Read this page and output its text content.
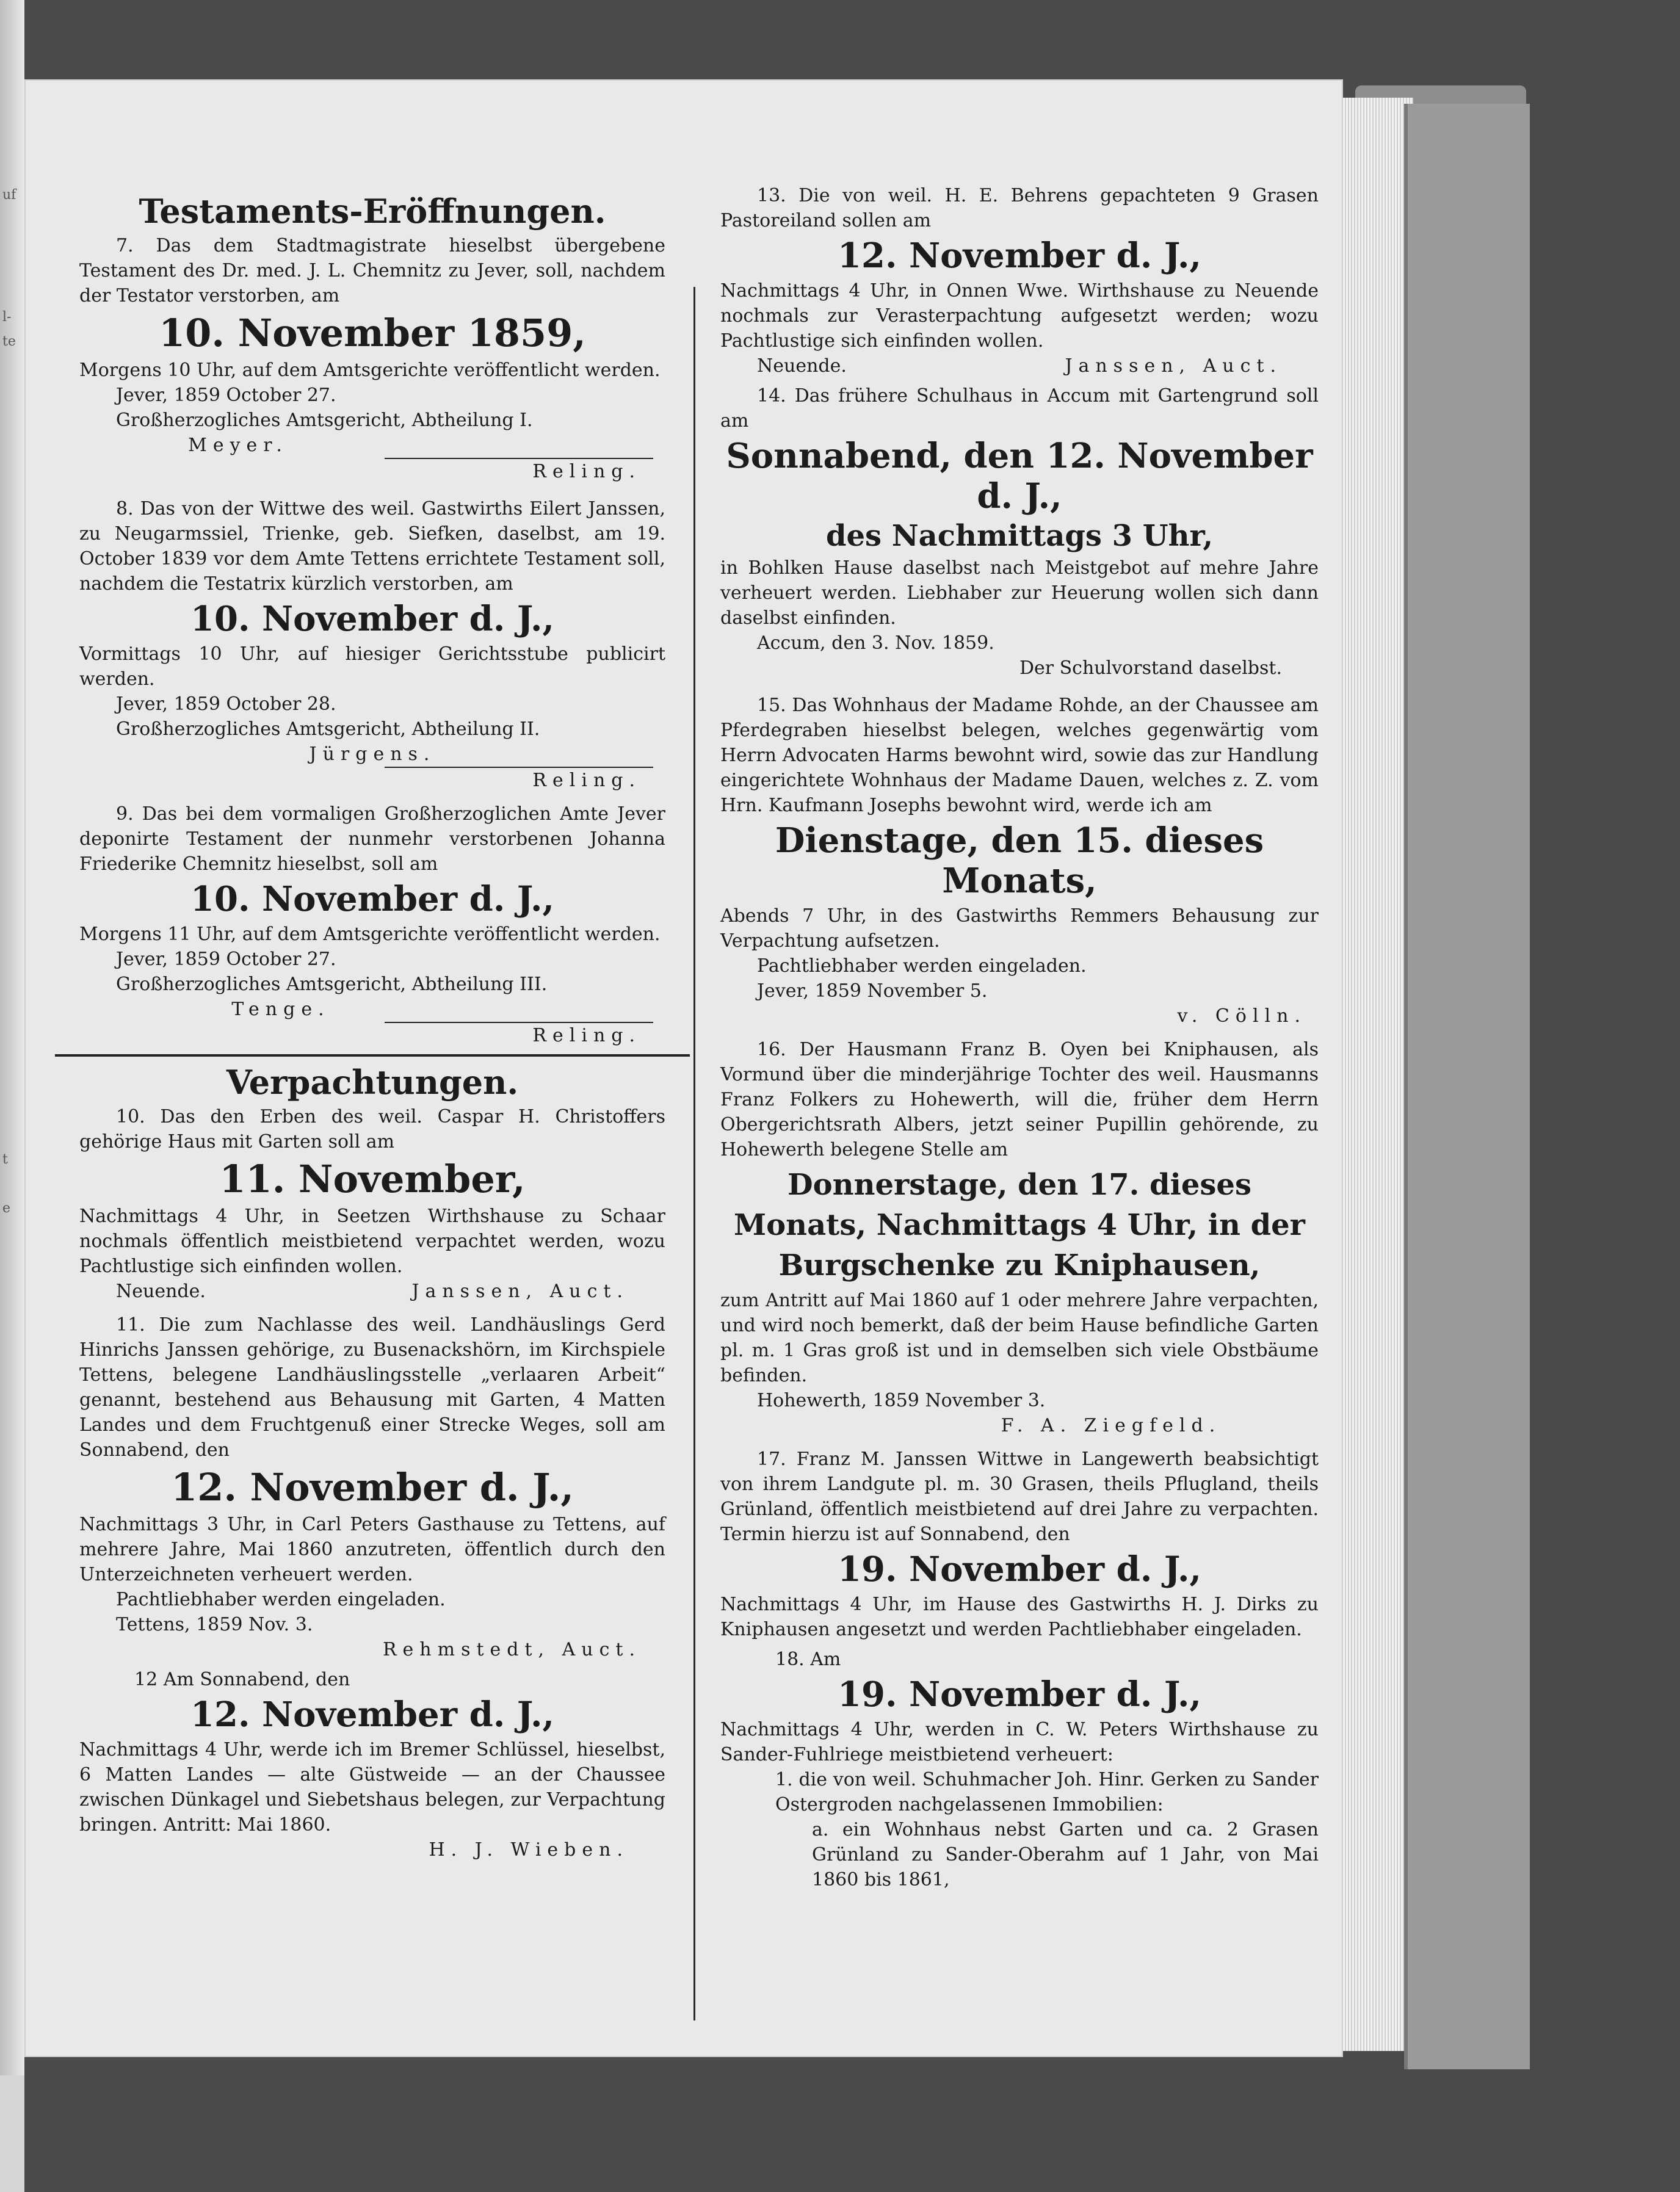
uf
l-
te
t
e
Testaments-Eröffnungen.

7. Das dem Stadtmagistrate hieselbst übergebene Testament des Dr. med. J. L. Chemnitz zu Jever, soll, nachdem der Testator verstorben, am

10. November 1859,

Morgens 10 Uhr, auf dem Amtsgerichte veröffentlicht werden.

Jever, 1859 October 27.

Großherzogliches Amtsgericht, Abtheilung I.

Meyer.
Reling.

8. Das von der Wittwe des weil. Gastwirths Eilert Janssen, zu Neugarmssiel, Trienke, geb. Siefken, daselbst, am 19. October 1839 vor dem Amte Tettens errichtete Testament soll, nachdem die Testatrix kürzlich verstorben, am

10. November d. J.,

Vormittags 10 Uhr, auf hiesiger Gerichtsstube publicirt werden.

Jever, 1859 October 28.

Großherzogliches Amtsgericht, Abtheilung II.

Jürgens.
Reling.

9. Das bei dem vormaligen Großherzoglichen Amte Jever deponirte Testament der nunmehr verstorbenen Johanna Friederike Chemnitz hieselbst, soll am

10. November d. J.,

Morgens 11 Uhr, auf dem Amtsgerichte veröffentlicht werden.

Jever, 1859 October 27.

Großherzogliches Amtsgericht, Abtheilung III.

Tenge.
Reling.
Verpachtungen.

10. Das den Erben des weil. Caspar H. Christoffers gehörige Haus mit Garten soll am

11. November,

Nachmittags 4 Uhr, in Seetzen Wirthshause zu Schaar nochmals öffentlich meistbietend verpachtet werden, wozu Pachtlustige sich einfinden wollen.

Neuende.	Janssen, Auct.

11. Die zum Nachlasse des weil. Landhäuslings Gerd Hinrichs Janssen gehörige, zu Busenackshörn, im Kirchspiele Tettens, belegene Landhäuslingsstelle „verlaaren Arbeit“ genannt, bestehend aus Behausung mit Garten, 4 Matten Landes und dem Fruchtgenuß einer Strecke Weges, soll am Sonnabend, den

12. November d. J.,

Nachmittags 3 Uhr, in Carl Peters Gasthause zu Tettens, auf mehrere Jahre, Mai 1860 anzutreten, öffentlich durch den Unterzeichneten verheuert werden.

Pachtliebhaber werden eingeladen.

Tettens, 1859 Nov. 3.

Rehmstedt, Auct.

12 Am Sonnabend, den

12. November d. J.,

Nachmittags 4 Uhr, werde ich im Bremer Schlüssel, hieselbst, 6 Matten Landes — alte Güstweide — an der Chaussee zwischen Dünkagel und Siebetshaus belegen, zur Verpachtung bringen. Antritt: Mai 1860.

H. J. Wieben.

13. Die von weil. H. E. Behrens gepachteten 9 Grasen Pastoreiland sollen am

12. November d. J.,

Nachmittags 4 Uhr, in Onnen Wwe. Wirthshause zu Neuende nochmals zur Verasterpachtung aufgesetzt werden; wozu Pachtlustige sich einfinden wollen.

Neuende.	Janssen, Auct.

14. Das frühere Schulhaus in Accum mit Gartengrund soll am

Sonnabend, den 12. November d. J.,
des Nachmittags 3 Uhr,

in Bohlken Hause daselbst nach Meistgebot auf mehre Jahre verheuert werden. Liebhaber zur Heuerung wollen sich dann daselbst einfinden.

Accum, den 3. Nov. 1859.

Der Schulvorstand daselbst.

15. Das Wohnhaus der Madame Rohde, an der Chaussee am Pferdegraben hieselbst belegen, welches gegenwärtig vom Herrn Advocaten Harms bewohnt wird, sowie das zur Handlung eingerichtete Wohnhaus der Madame Dauen, welches z. Z. vom Hrn. Kaufmann Josephs bewohnt wird, werde ich am

Dienstage, den 15. dieses Monats,

Abends 7 Uhr, in des Gastwirths Remmers Behausung zur Verpachtung aufsetzen.

Pachtliebhaber werden eingeladen.

Jever, 1859 November 5.

v. Cölln.

16. Der Hausmann Franz B. Oyen bei Kniphausen, als Vormund über die minderjährige Tochter des weil. Hausmanns Franz Folkers zu Hohewerth, will die, früher dem Herrn Obergerichtsrath Albers, jetzt seiner Pupillin gehörende, zu Hohewerth belegene Stelle am

Donnerstage, den 17. dieses Monats, Nachmittags 4 Uhr, in der Burgschenke zu Kniphausen,

zum Antritt auf Mai 1860 auf 1 oder mehrere Jahre verpachten, und wird noch bemerkt, daß der beim Hause befindliche Garten pl. m. 1 Gras groß ist und in demselben sich viele Obstbäume befinden.

Hohewerth, 1859 November 3.

F. A. Ziegfeld.

17. Franz M. Janssen Wittwe in Langewerth beabsichtigt von ihrem Landgute pl. m. 30 Grasen, theils Pflugland, theils Grünland, öffentlich meistbietend auf drei Jahre zu verpachten. Termin hierzu ist auf Sonnabend, den

19. November d. J.,

Nachmittags 4 Uhr, im Hause des Gastwirths H. J. Dirks zu Kniphausen angesetzt und werden Pachtliebhaber eingeladen.

18. Am

19. November d. J.,

Nachmittags 4 Uhr, werden in C. W. Peters Wirthshause zu Sander-Fuhlriege meistbietend verheuert:

1. die von weil. Schuhmacher Joh. Hinr. Gerken zu Sander Ostergroden nachgelassenen Immobilien:

a. ein Wohnhaus nebst Garten und ca. 2 Grasen Grünland zu Sander-Oberahm auf 1 Jahr, von Mai 1860 bis 1861,
